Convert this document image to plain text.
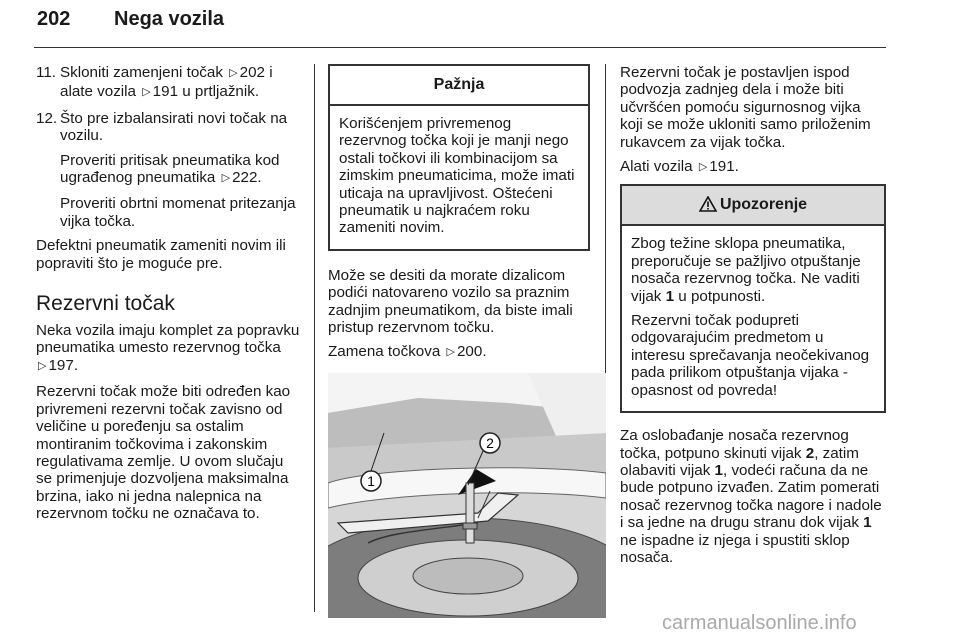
202 Nega vozila
11. Skloniti zamenjeni točak ▷ 202 i alate vozila ▷ 191 u prtljažnik.

12. Što pre izbalansirati novi točak na vozilu.

Proveriti pritisak pneumatika kod ugrađenog pneumatika ▷ 222.

Proveriti obrtni momenat pritezanja vijka točka.

Defektni pneumatik zameniti novim ili popraviti što je moguće pre.

Rezervni točak

Neka vozila imaju komplet za popravku pneumatika umesto rezervnog točka ▷ 197.

Rezervni točak može biti određen kao privremeni rezervni točak zavisno od veličine u poređenju sa ostalim montiranim točkovima i zakonskim regulativama zemlje. U ovom slučaju se primenjuje dozvoljena maksimalna brzina, iako ni jedna nalepnica na rezervnom točku ne označava to.

Pažnja

Korišćenjem privremenog rezervnog točka koji je manji nego ostali točkovi ili kombinacijom sa zimskim pneumaticima, može imati uticaja na upravljivost. Oštećeni pneumatik u najkraćem roku zameniti novim.

Može se desiti da morate dizalicom podići natovareno vozilo sa praznim zadnjim pneumatikom, da biste imali pristup rezervnom točku.

Zamena točkova ▷ 200.

2
1

Rezervni točak je postavljen ispod podvozja zadnjeg dela i može biti učvršćen pomoću sigurnosnog vijka koji se može ukloniti samo priloženim rukavcem za vijak točka.

Alati vozila ▷ 191.

Upozorenje

Zbog težine sklopa pneumatika, preporučuje se pažljivo otpuštanje nosača rezervnog točka. Ne vaditi vijak 1 u potpunosti.

Rezervni točak podupreti odgovarajućim predmetom u interesu sprečavanja neočekivanog pada prilikom otpuštanja vijaka - opasnost od povreda!

Za oslobađanje nosača rezervnog točka, potpuno skinuti vijak 2, zatim olabaviti vijak 1, vodeći računa da ne bude potpuno izvađen. Zatim pomerati nosač rezervnog točka nagore i nadole i sa jedne na drugu stranu dok vijak 1 ne ispadne iz njega i spustiti sklop nosača.

carmanualsonline.info
